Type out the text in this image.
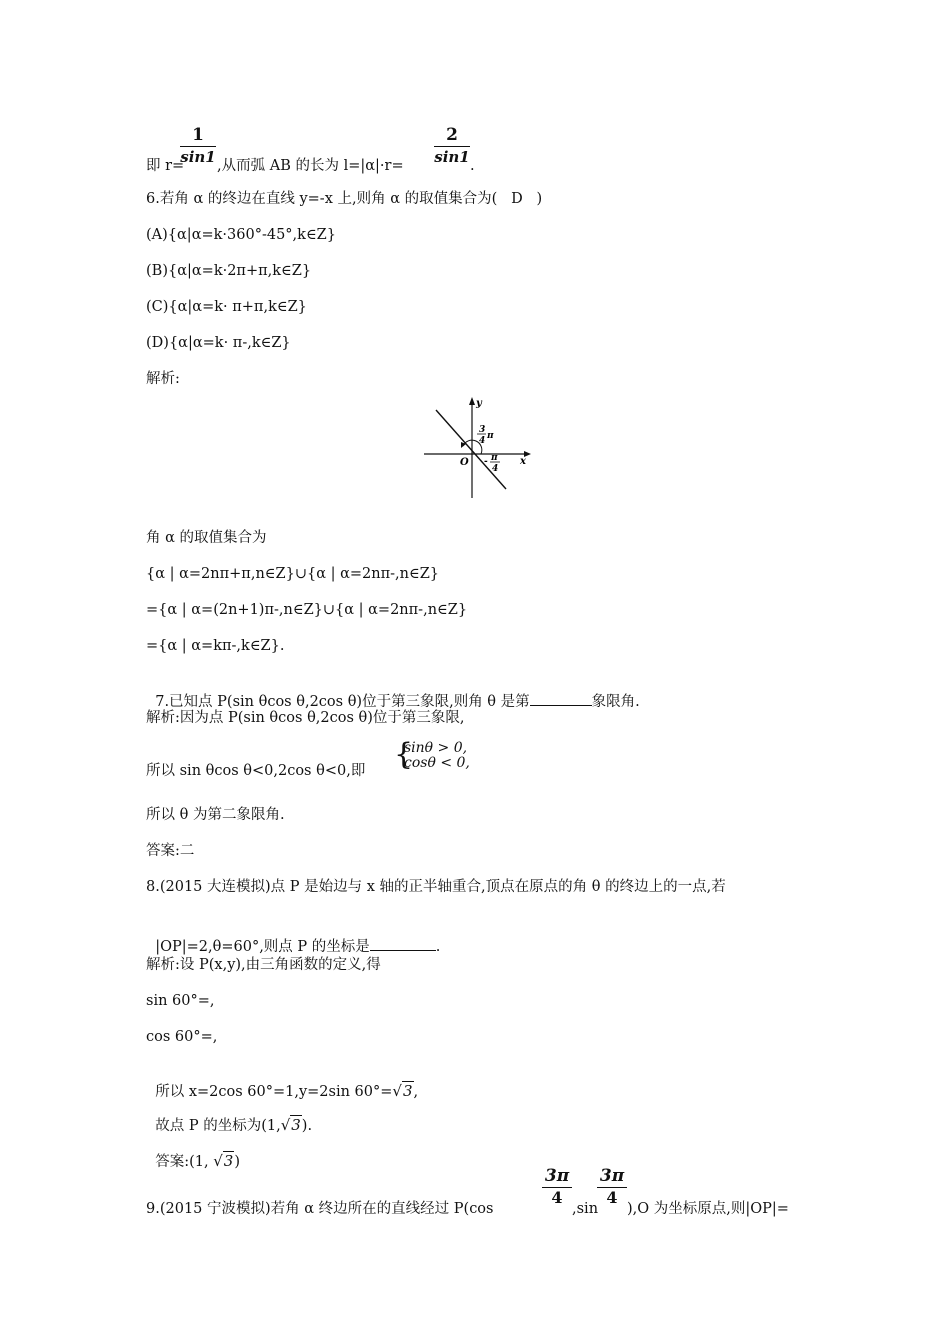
1
sin1
即 r= ,从而弧 AB 的长为 l=|α|·r=
2
sin1 .
6.若角 α 的终边在直线 y=-x 上,则角 α 的取值集合为(   D   )
(A){α|α=k·360°-45°,k∈Z}
(B){α|α=k·2π+π,k∈Z}
(C){α|α=k· π+π,k∈Z}
(D){α|α=k· π-,k∈Z}
解析:
y
x
O
3
4 π
- π
4
角 α 的取值集合为
{α | α=2nπ+π,n∈Z}∪{α | α=2nπ-,n∈Z}
={α | α=(2n+1)π-,n∈Z}∪{α | α=2nπ-,n∈Z}
={α | α=kπ-,k∈Z}.

7.已知点 P(sin θcos θ,2cos θ)位于第三象限,则角 θ 是第	象限角.

解析:因为点 P(sin θcos θ,2cos θ)位于第三象限,
{
sinθ > 0,
cosθ < 0,
所以 sin θcos θ<0,2cos θ<0,即
所以 θ 为第二象限角.
答案:二
8.(2015 大连模拟)点 P 是始边与 x 轴的正半轴重合,顶点在原点的角 θ 的终边上的一点,若

|OP|=2,θ=60°,则点 P 的坐标是	.

解析:设 P(x,y),由三角函数的定义,得
sin 60°=,
cos 60°=,

所以 x=2cos 60°=1,y=2sin 60°=√3,

故点 P 的坐标为(1,√3).

答案:(1, √3)

3π
4
3π
4
9.(2015 宁波模拟)若角 α 终边所在的直线经过 P(cos	,sin ),O 为坐标原点,则|OP|=
